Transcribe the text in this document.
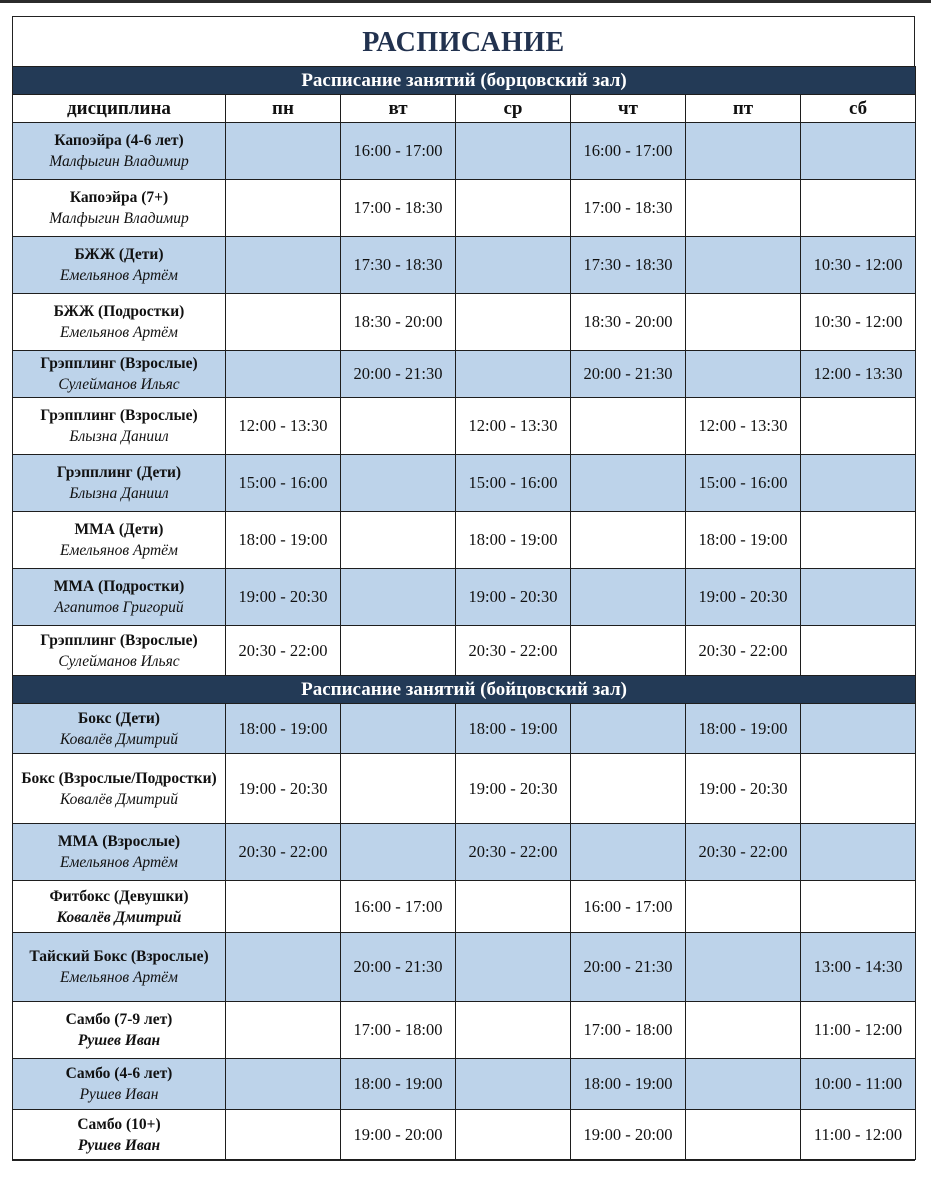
РАСПИСАНИЕ
Расписание занятий (борцовский зал)						
дисциплина	пн	вт	ср	чт	пт	сб

Капоэйра (4-6 лет)
Малфыгин Владимир		16:00 - 17:00		16:00 - 17:00		

Капоэйра (7+)
Малфыгин Владимир		17:00 - 18:30		17:00 - 18:30		

БЖЖ (Дети)
Емельянов Артём		17:30 - 18:30		17:30 - 18:30		10:30 - 12:00

БЖЖ (Подростки)
Емельянов Артём		18:30 - 20:00		18:30 - 20:00		10:30 - 12:00

Грэпплинг (Взрослые)
Сулейманов Ильяс		20:00 - 21:30		20:00 - 21:30		12:00 - 13:30

Грэпплинг (Взрослые)
Блызна Даниил	12:00 - 13:30		12:00 - 13:30		12:00 - 13:30	

Грэпплинг (Дети)
Блызна Даниил	15:00 - 16:00		15:00 - 16:00		15:00 - 16:00	

ММА (Дети)
Емельянов Артём	18:00 - 19:00		18:00 - 19:00		18:00 - 19:00	

ММА (Подростки)
Агапитов Григорий	19:00 - 20:30		19:00 - 20:30		19:00 - 20:30	

Грэпплинг (Взрослые)
Сулейманов Ильяс	20:30 - 22:00		20:30 - 22:00		20:30 - 22:00	
Расписание занятий (бойцовский зал)						

Бокс (Дети)
Ковалёв Дмитрий	18:00 - 19:00		18:00 - 19:00		18:00 - 19:00	

Бокс (Взрослые/Подростки)
Ковалёв Дмитрий	19:00 - 20:30		19:00 - 20:30		19:00 - 20:30	

ММА (Взрослые)
Емельянов Артём	20:30 - 22:00		20:30 - 22:00		20:30 - 22:00	

Фитбокс (Девушки)
Ковалёв Дмитрий		16:00 - 17:00		16:00 - 17:00		

Тайский Бокс (Взрослые)
Емельянов Артём		20:00 - 21:30		20:00 - 21:30		13:00 - 14:30

Самбо (7-9 лет)
Рушев Иван		17:00 - 18:00		17:00 - 18:00		11:00 - 12:00

Самбо (4-6 лет)
Рушев Иван		18:00 - 19:00		18:00 - 19:00		10:00 - 11:00

Самбо (10+)
Рушев Иван		19:00 - 20:00		19:00 - 20:00		11:00 - 12:00
